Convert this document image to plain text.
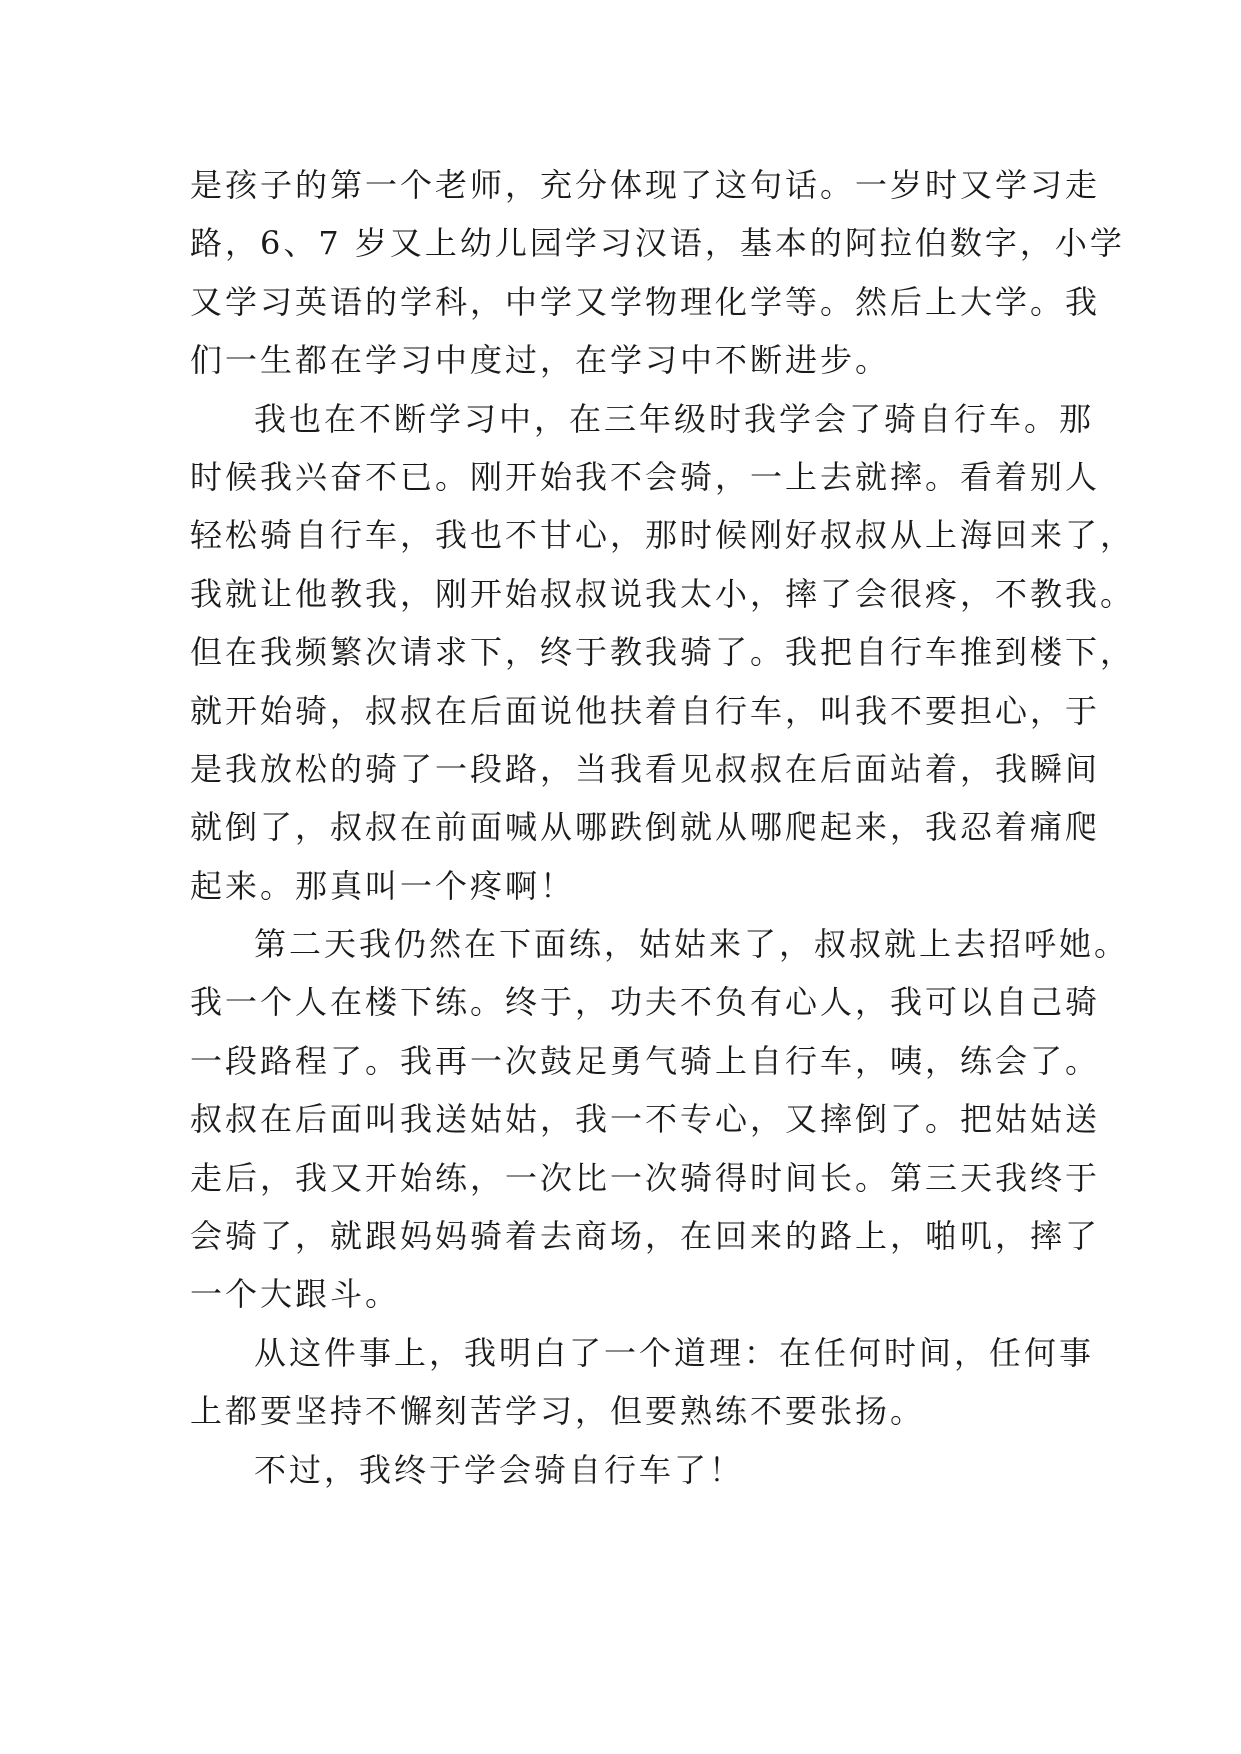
是孩子的第一个老师，充分体现了这句话。一岁时又学习走
路，6、7 岁又上幼儿园学习汉语，基本的阿拉伯数字，小学
又学习英语的学科，中学又学物理化学等。然后上大学。我
们一生都在学习中度过，在学习中不断进步。
我也在不断学习中，在三年级时我学会了骑自行车。那
时候我兴奋不已。刚开始我不会骑，一上去就摔。看着别人
轻松骑自行车，我也不甘心，那时候刚好叔叔从上海回来了，
我就让他教我，刚开始叔叔说我太小，摔了会很疼，不教我。
但在我频繁次请求下，终于教我骑了。我把自行车推到楼下，
就开始骑，叔叔在后面说他扶着自行车，叫我不要担心，于
是我放松的骑了一段路，当我看见叔叔在后面站着，我瞬间
就倒了，叔叔在前面喊从哪跌倒就从哪爬起来，我忍着痛爬
起来。那真叫一个疼啊！
第二天我仍然在下面练，姑姑来了，叔叔就上去招呼她。
我一个人在楼下练。终于，功夫不负有心人，我可以自己骑
一段路程了。我再一次鼓足勇气骑上自行车，咦，练会了。
叔叔在后面叫我送姑姑，我一不专心，又摔倒了。把姑姑送
走后，我又开始练，一次比一次骑得时间长。第三天我终于
会骑了，就跟妈妈骑着去商场，在回来的路上，啪叽，摔了
一个大跟斗。
从这件事上，我明白了一个道理：在任何时间，任何事
上都要坚持不懈刻苦学习，但要熟练不要张扬。
不过，我终于学会骑自行车了！
